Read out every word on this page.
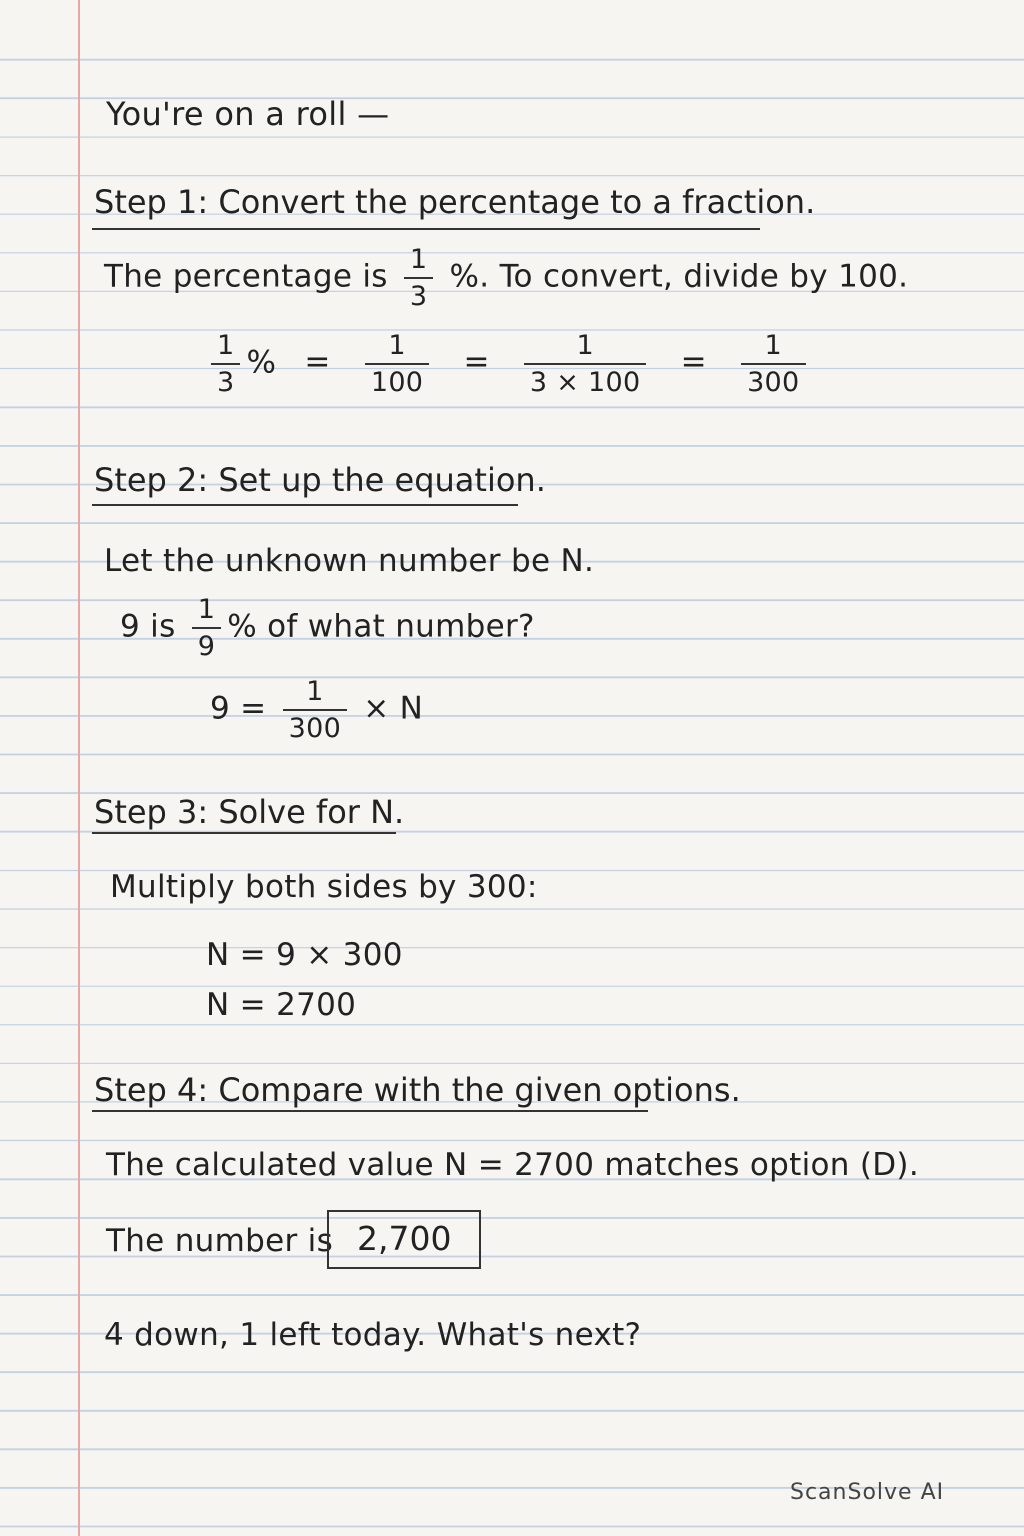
You're on a roll —
Step 1: Convert the percentage to a fraction.
The percentage is $\frac{1}{3}$ %. To convert, divide by 100.
$\frac{1}{3}$ % = $\frac{1}{100} = \frac{1}{3 \times 100} = \frac{1}{300}$
Step 2: Set up the equation.
Let the unknown number be N.
9 is $\frac{1}{9}$ % of what number?
$9 = \frac{1}{300} \times N$
Step 3: Solve for N.
Multiply both sides by 300:
N = 9 × 300
N = 2700
Step 4: Compare with the given options.
The calculated value N = 2700 matches option (D).
The number is 2,700
4 down, 1 left today. What's next?
ScanSolve AI
